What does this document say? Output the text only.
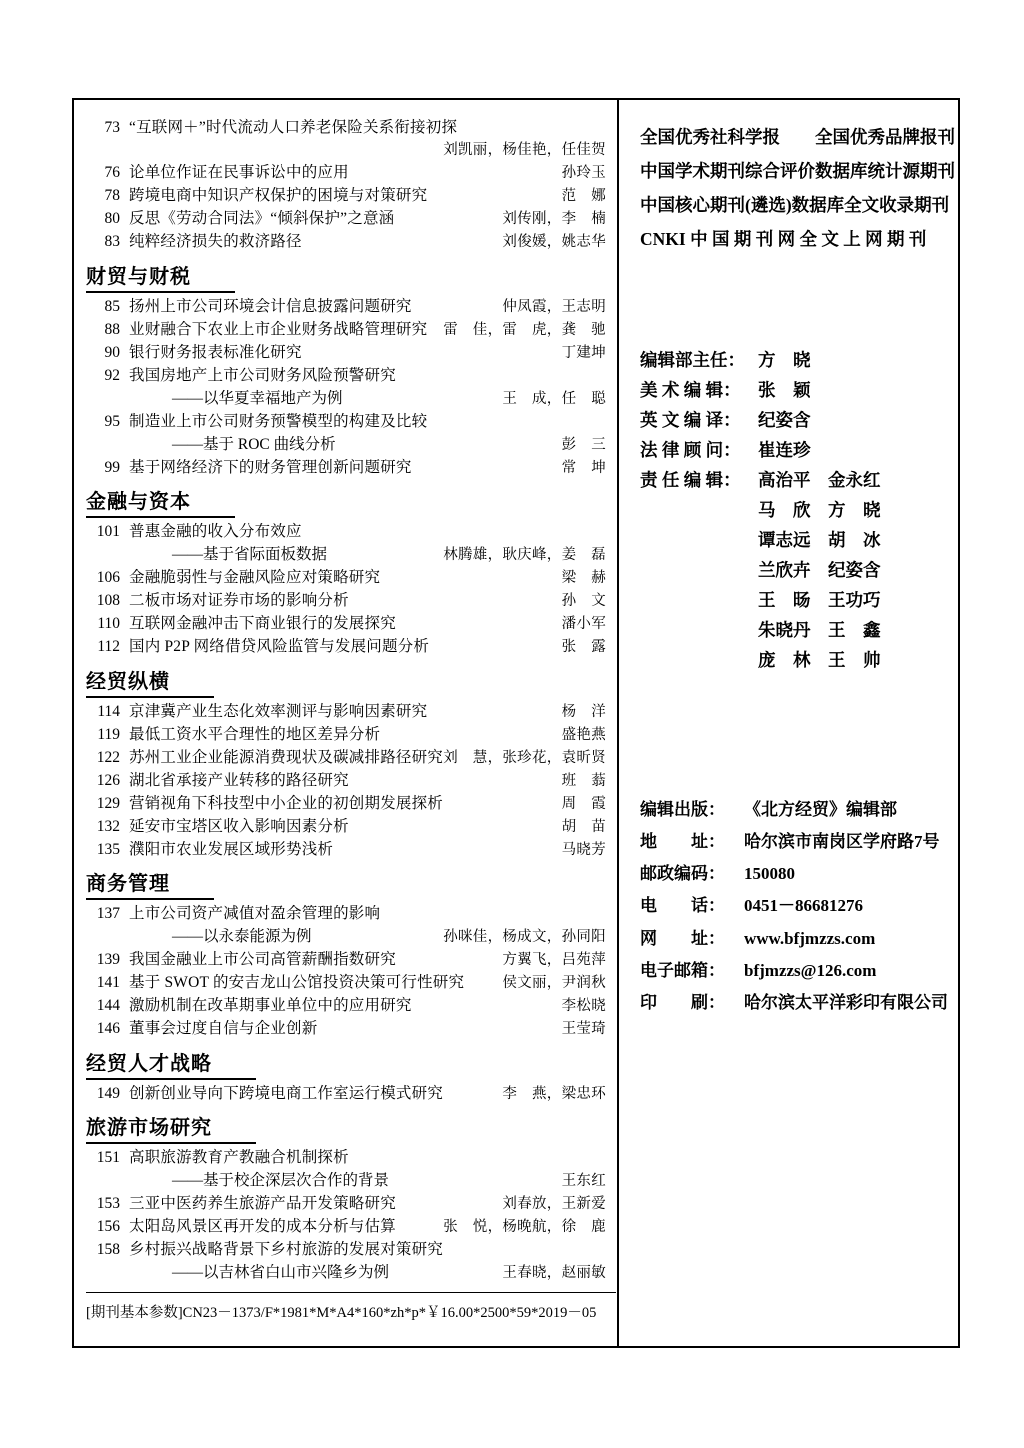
73 “互联网＋”时代流动人口养老保险关系衔接初探
刘凯丽，杨佳艳，任佳贺
76 论单位作证在民事诉讼中的应用	孙玲玉
78 跨境电商中知识产权保护的困境与对策研究	范　娜
80 反思《劳动合同法》“倾斜保护”之意涵	刘传刚，李　楠
83 纯粹经济损失的救济路径	刘俊媛，姚志华
财贸与财税
85 扬州上市公司环境会计信息披露问题研究	仲凤霞，王志明
88 业财融合下农业上市企业财务战略管理研究	雷　佳，雷　虎，龚　驰
90 银行财务报表标准化研究	丁建坤
92 我国房地产上市公司财务风险预警研究
——以华夏幸福地产为例	王　成，任　聪
95 制造业上市公司财务预警模型的构建及比较
——基于 ROC 曲线分析	彭　三
99 基于网络经济下的财务管理创新问题研究	常　坤
金融与资本
101 普惠金融的收入分布效应
——基于省际面板数据	林腾雄，耿庆峰，姜　磊
106 金融脆弱性与金融风险应对策略研究	梁　赫
108 二板市场对证券市场的影响分析	孙　文
110 互联网金融冲击下商业银行的发展探究	潘小军
112 国内 P2P 网络借贷风险监管与发展问题分析	张　露
经贸纵横
114 京津冀产业生态化效率测评与影响因素研究	杨　洋
119 最低工资水平合理性的地区差异分析	盛艳燕
122 苏州工业企业能源消费现状及碳减排路径研究 刘　慧，张珍花，袁昕贤
126 湖北省承接产业转移的路径研究	班　蓊
129 营销视角下科技型中小企业的初创期发展探析	周　霞
132 延安市宝塔区收入影响因素分析	胡　苗
135 濮阳市农业发展区域形势浅析	马晓芳
商务管理
137 上市公司资产减值对盈余管理的影响
——以永泰能源为例	孙咪佳，杨成文，孙同阳
139 我国金融业上市公司高管薪酬指数研究	方翼飞，吕苑萍
141 基于 SWOT 的安吉龙山公馆投资决策可行性研究	侯文丽，尹润秋
144 激励机制在改革期事业单位中的应用研究	李松晓
146 董事会过度自信与企业创新	王莹琦
经贸人才战略
149 创新创业导向下跨境电商工作室运行模式研究	李　燕，梁忠环
旅游市场研究
151 高职旅游教育产教融合机制探析
——基于校企深层次合作的背景	王东红
153 三亚中医药养生旅游产品开发策略研究	刘春放，王新爱
156 太阳岛风景区再开发的成本分析与估算	张　悦，杨晚航，徐　鹿
158 乡村振兴战略背景下乡村旅游的发展对策研究
——以吉林省白山市兴隆乡为例	王春晓，赵丽敏
全国优秀社科学报　　全国优秀品牌报刊
中国学术期刊综合评价数据库统计源期刊
中国核心期刊(遴选)数据库全文收录期刊
CNKI 中 国 期 刊 网 全 文 上 网 期 刊
编辑部主任： 方　晓
美 术 编 辑： 张　颖
英 文 编 译： 纪姿含
法 律 顾 问： 崔连珍
责 任 编 辑： 高治平　金永红
马　欣　方　晓
谭志远　胡　冰
兰欣卉　纪姿含
王　旸　王功巧
朱晓丹　王　鑫
庞　林　王　帅
编辑出版：	《北方经贸》编辑部
地　　址：	哈尔滨市南岗区学府路7号
邮政编码：	150080
电　　话：	0451－86681276
网　　址：	www.bfjmzzs.com
电子邮箱：	bfjmzzs@126.com
印　　刷：	哈尔滨太平洋彩印有限公司
[期刊基本参数]CN23－1373/F*1981*M*A4*160*zh*p*￥16.00*2500*59*2019－05
